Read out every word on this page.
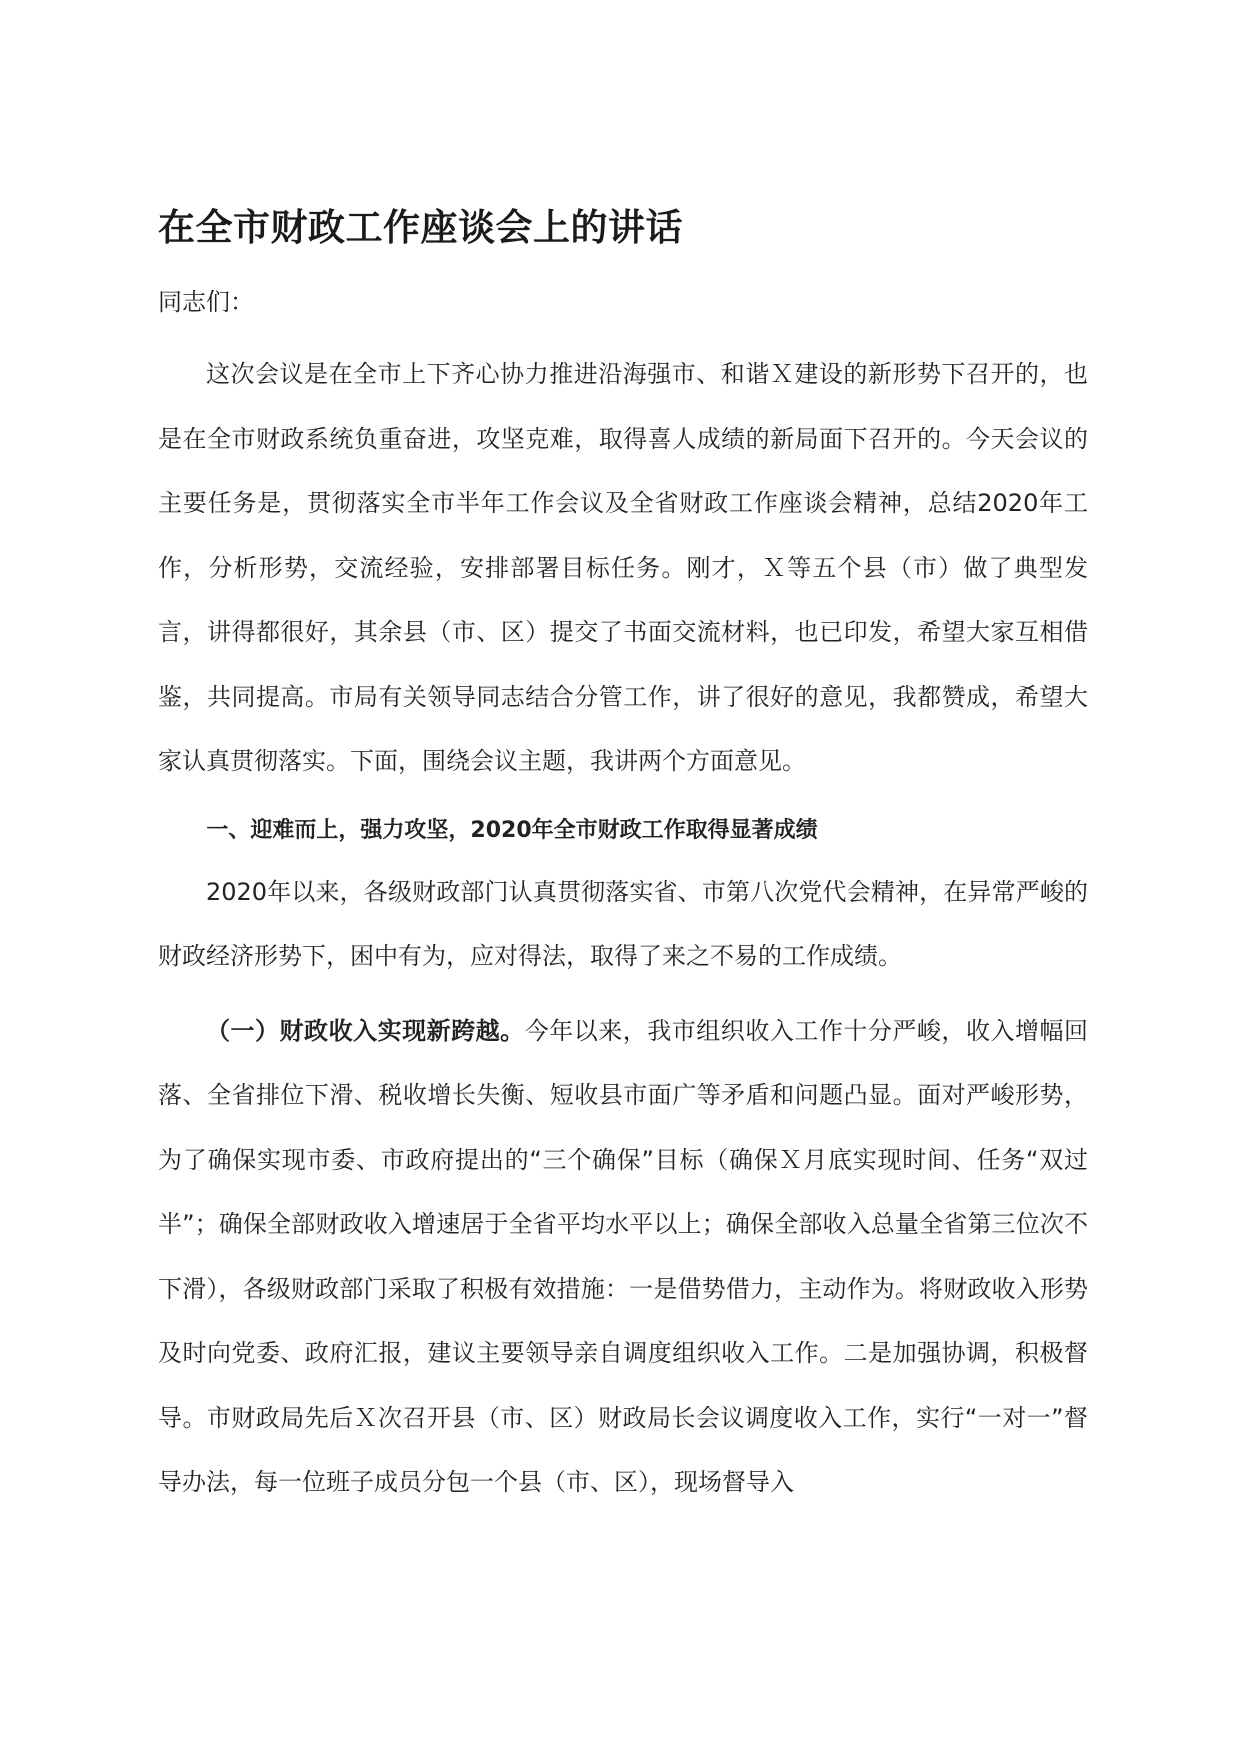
在全市财政工作座谈会上的讲话

同志们：

这次会议是在全市上下齐心协力推进沿海强市、和谐Ｘ建设的新形势下召开的，也是在全市财政系统负重奋进，攻坚克难，取得喜人成绩的新局面下召开的。今天会议的主要任务是，贯彻落实全市半年工作会议及全省财政工作座谈会精神，总结2020年工作，分析形势，交流经验，安排部署目标任务。刚才，Ｘ等五个县（市）做了典型发言，讲得都很好，其余县（市、区）提交了书面交流材料，也已印发，希望大家互相借鉴，共同提高。市局有关领导同志结合分管工作，讲了很好的意见，我都赞成，希望大家认真贯彻落实。下面，围绕会议主题，我讲两个方面意见。

一、迎难而上，强力攻坚，2020年全市财政工作取得显著成绩

2020年以来，各级财政部门认真贯彻落实省、市第八次党代会精神，在异常严峻的财政经济形势下，困中有为，应对得法，取得了来之不易的工作成绩。

（一）财政收入实现新跨越。今年以来，我市组织收入工作十分严峻，收入增幅回落、全省排位下滑、税收增长失衡、短收县市面广等矛盾和问题凸显。面对严峻形势，为了确保实现市委、市政府提出的“三个确保”目标（确保Ｘ月底实现时间、任务“双过半”；确保全部财政收入增速居于全省平均水平以上；确保全部收入总量全省第三位次不下滑），各级财政部门采取了积极有效措施：一是借势借力，主动作为。将财政收入形势及时向党委、政府汇报，建议主要领导亲自调度组织收入工作。二是加强协调，积极督导。市财政局先后Ｘ次召开县（市、区）财政局长会议调度收入工作，实行“一对一”督导办法，每一位班子成员分包一个县（市、区），现场督导入
